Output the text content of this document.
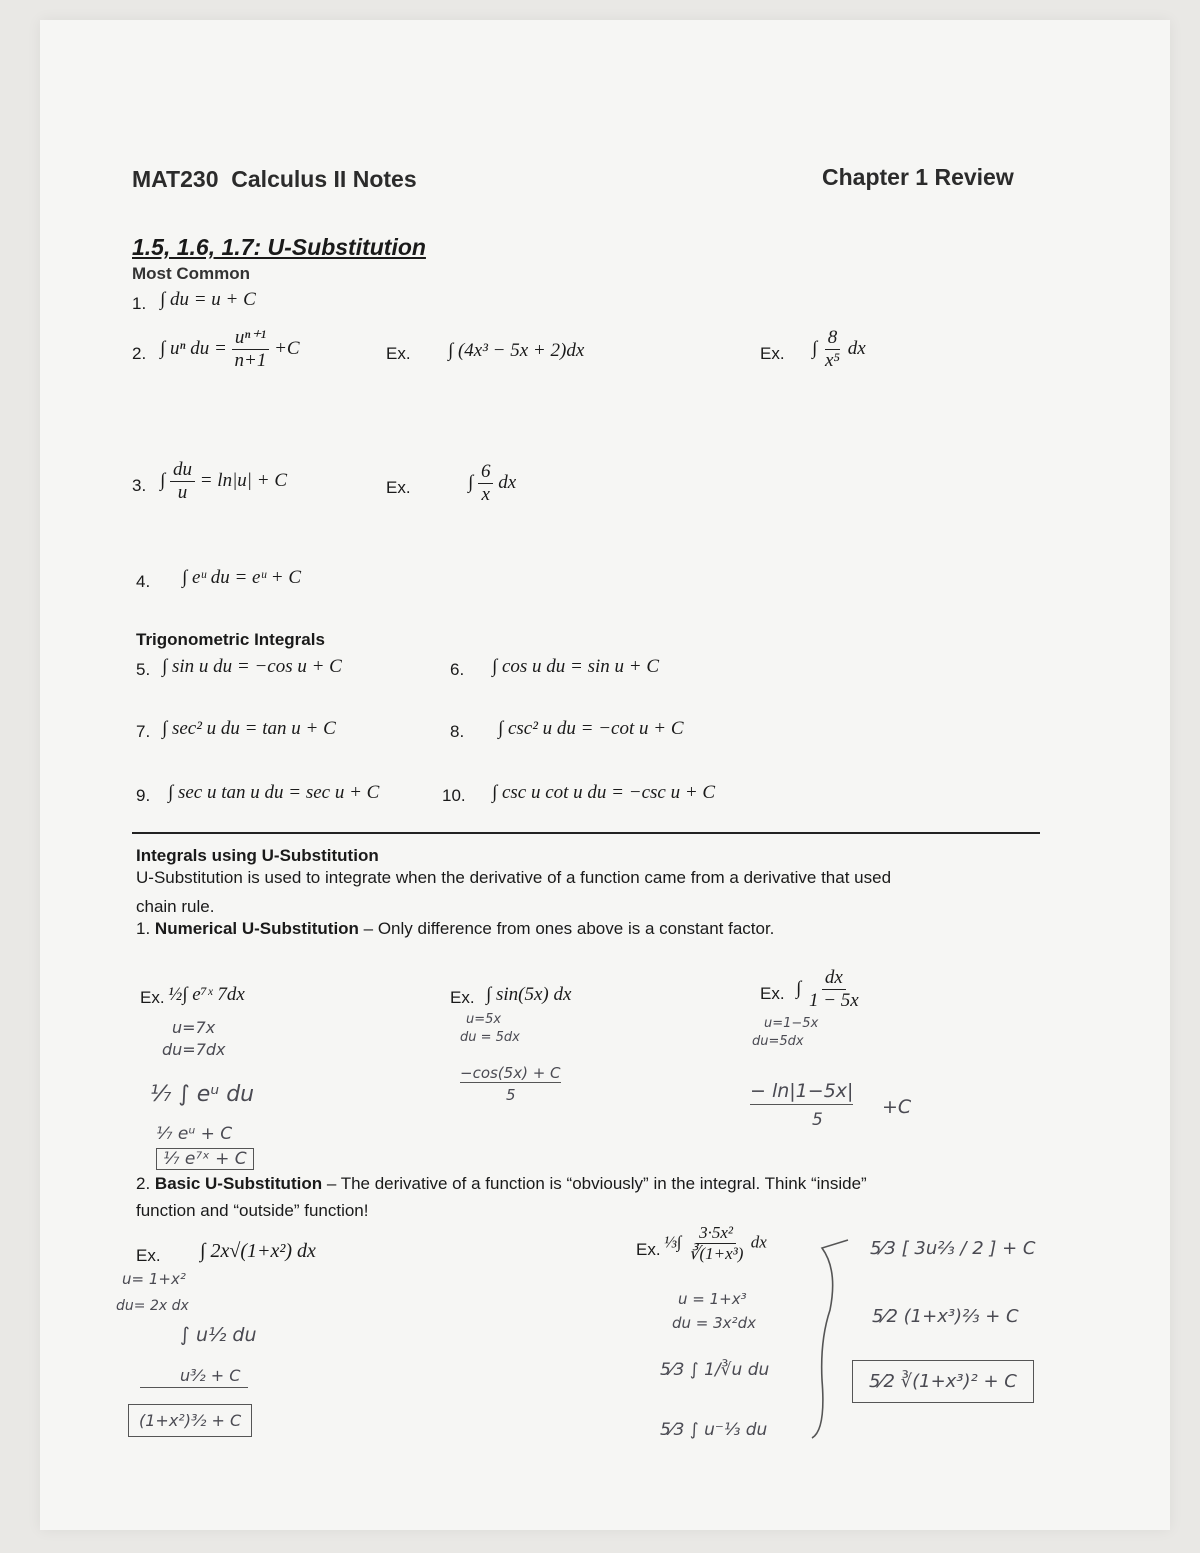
MAT230 Calculus II Notes	Chapter 1 Review
1.5, 1.6, 1.7: U-Substitution
Most Common
1. ∫ du = u + C
2. ∫ uⁿ du = $\frac{\text{uⁿ⁺¹}}{n+1} +C$	Ex. ∫ (4x³ − 5x + 2)dx	Ex. ∫ $\frac{8}{\text{x⁵}}$ dx
3. ∫ $\frac{du}{u} = \ln|u| + C$	Ex.	∫ $\frac{6}{x}$ dx
4. ∫ eᵘ du = eᵘ + C
Trigonometric Integrals
5. ∫ sin u du = −cos u + C	6. ∫ cos u du = sin u + C
7. ∫ sec² u du = tan u + C	8. ∫ csc² u du = −cot u + C
9. ∫ sec u tan u du = sec u + C	10. ∫ csc u cot u du = −csc u + C
Integrals using U-Substitution
U-Substitution is used to integrate when the derivative of a function came from a derivative that used
chain rule.
1. Numerical U-Substitution – Only difference from ones above is a constant factor.
Ex. ½∫ e⁷ˣ 7dx
u=7x
du=7dx
⅐ ∫ eᵘ du
⅐ eᵘ + C
⅐ e⁷ˣ + C
Ex. ∫ sin(5x) dx
u=5x
du = 5dx
−cos(5x) + C
5
Ex. ∫ $\frac{dx}{1 - 5x}$
u=1−5x
du=5dx
− ln|1−5x|
5
+C
2. Basic U-Substitution – The derivative of a function is “obviously” in the integral. Think “inside”
function and “outside” function!
Ex. ∫ 2x√(1+x²) dx
u= 1+x²
du= 2x dx
∫ u½ du
u³⁄₂ + C
(1+x²)³⁄₂ + C
Ex. ⅓∫ $\frac{\text{3·5x²}}{\text{∛(1+x³)}}$ dx
u = 1+x³
du = 3x²dx
5⁄3 ∫ 1/∛u du
5⁄3 ∫ u⁻⅓ du
5⁄3 [ 3u⅔ / 2 ] + C
5⁄2 (1+x³)⅔ + C
5⁄2 ∛(1+x³)² + C
